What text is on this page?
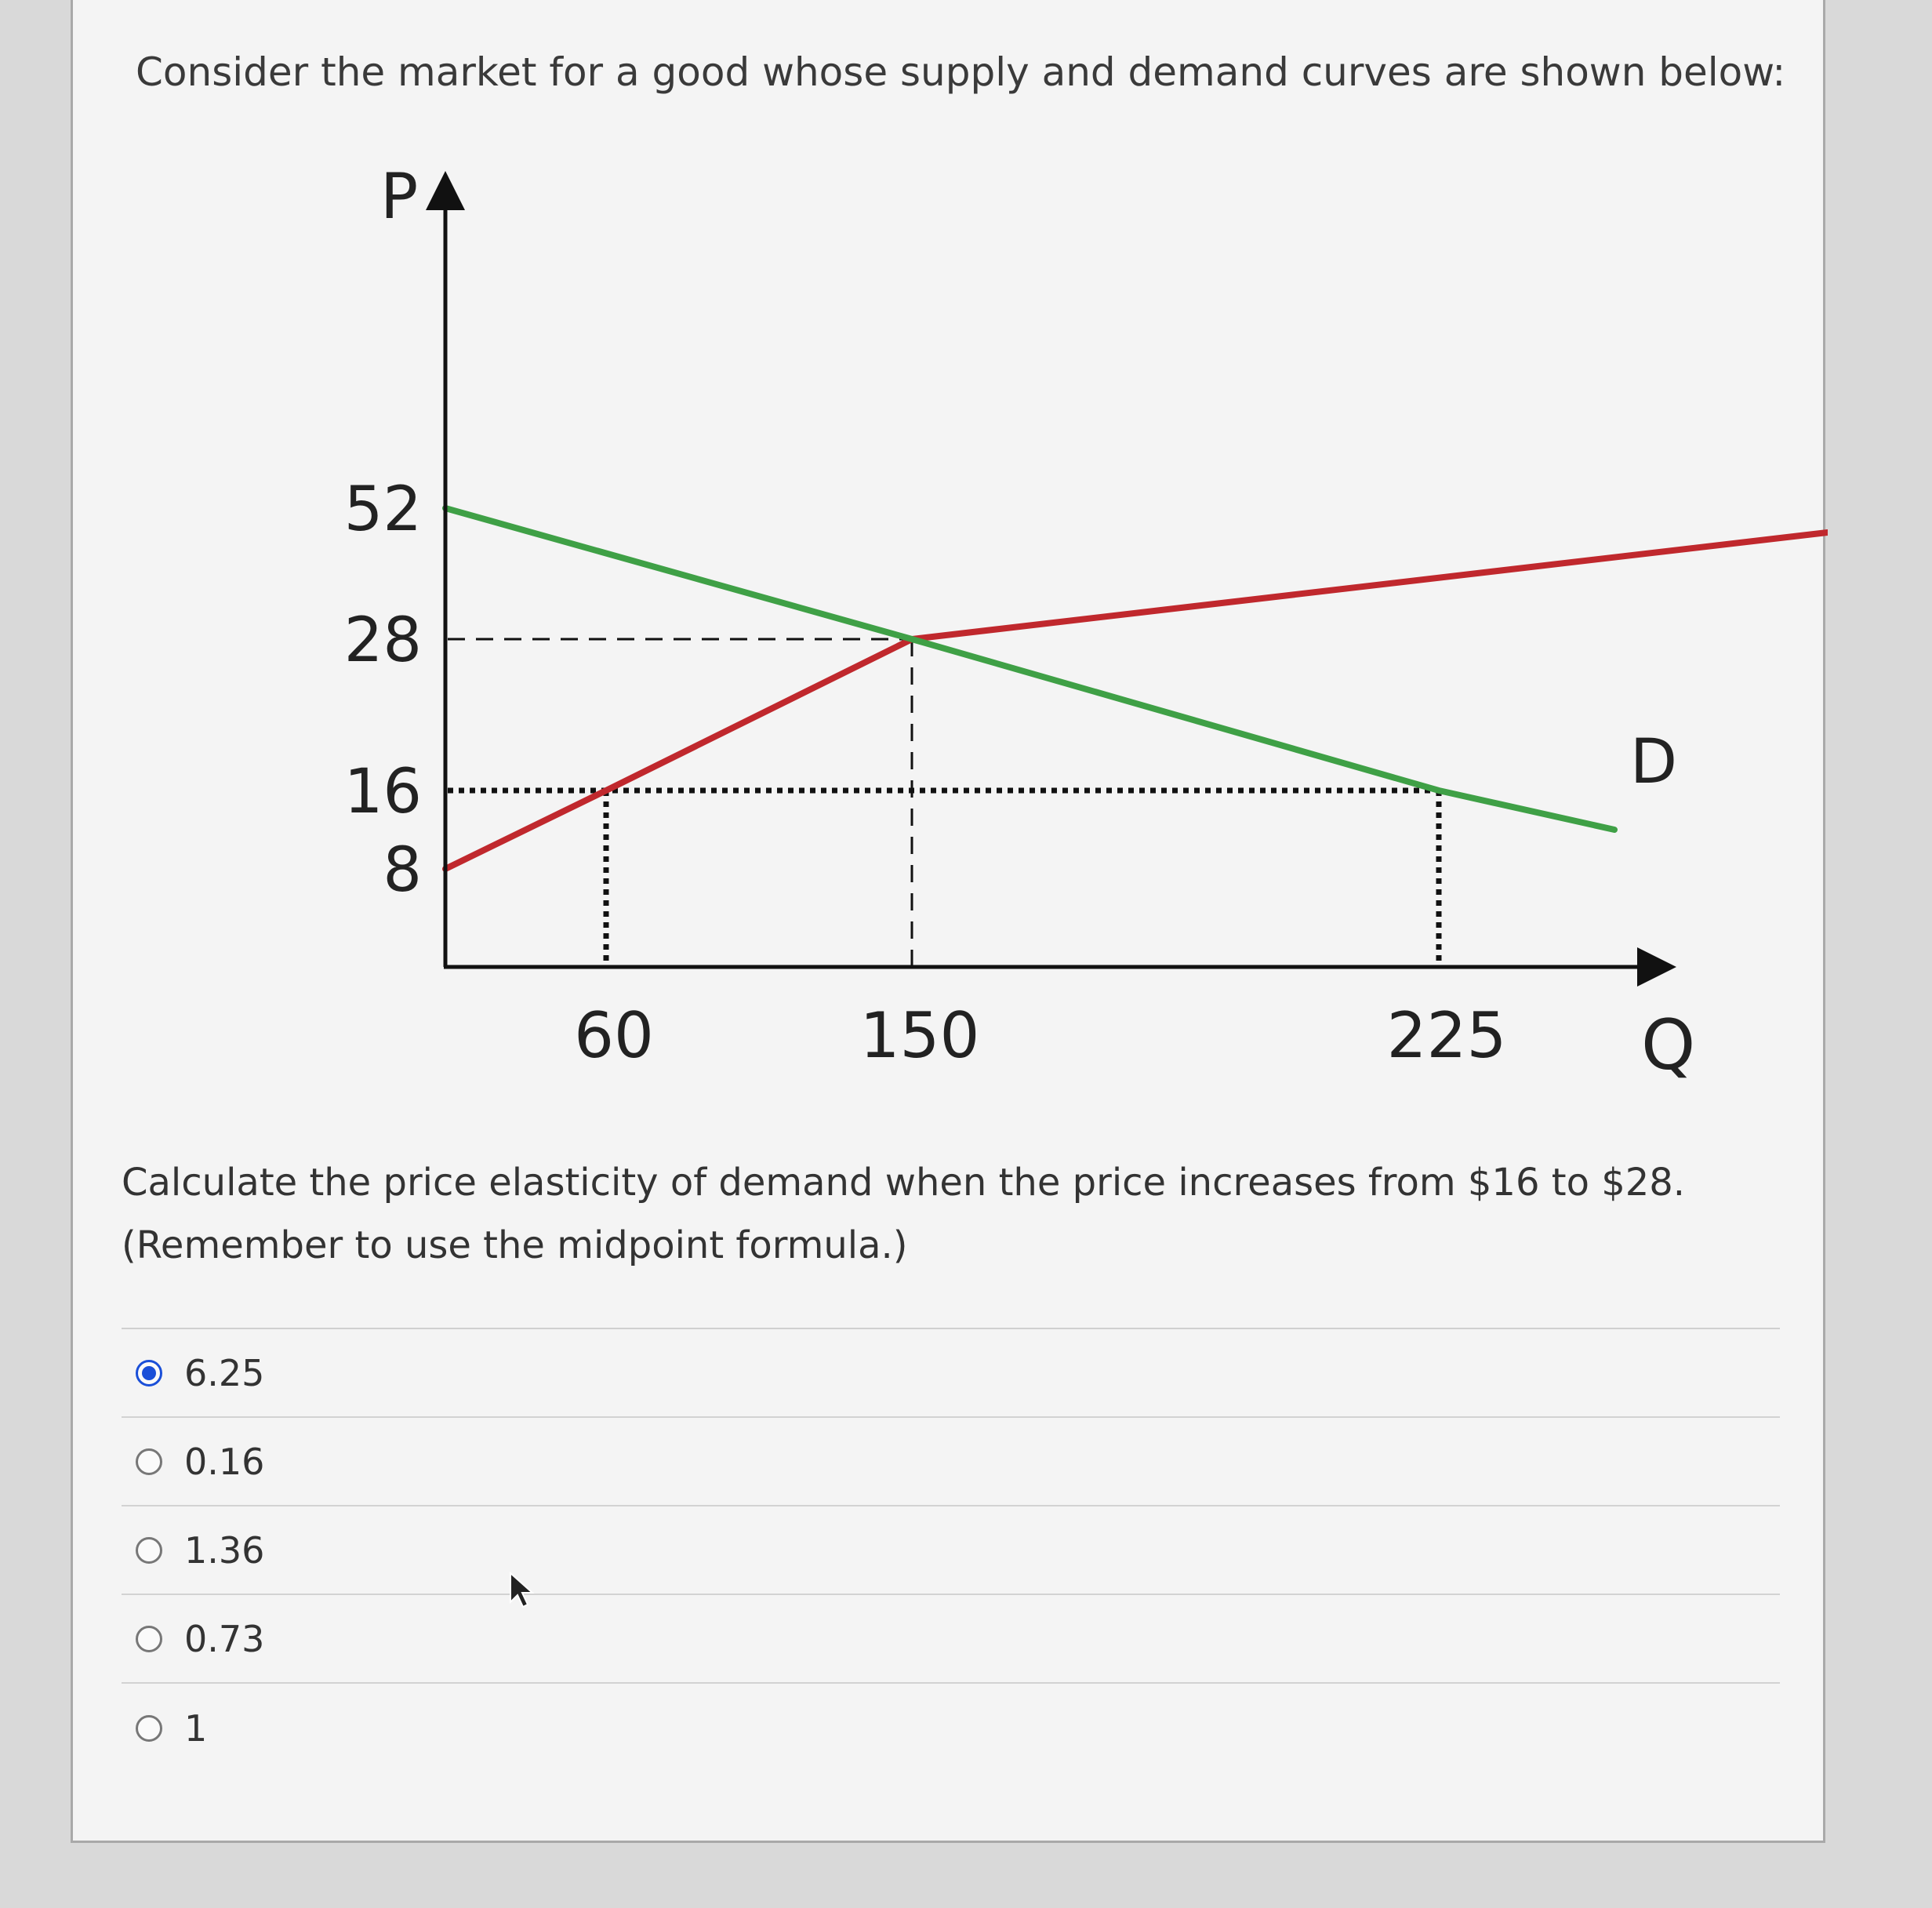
Consider the market for a good whose supply and demand curves are shown below:
P
Q
52
28
16
8
60	150	225
D
Calculate the price elasticity of demand when the price increases from $16 to $28.
(Remember to use the midpoint formula.)
6.25
0.16
1.36
0.73
1
